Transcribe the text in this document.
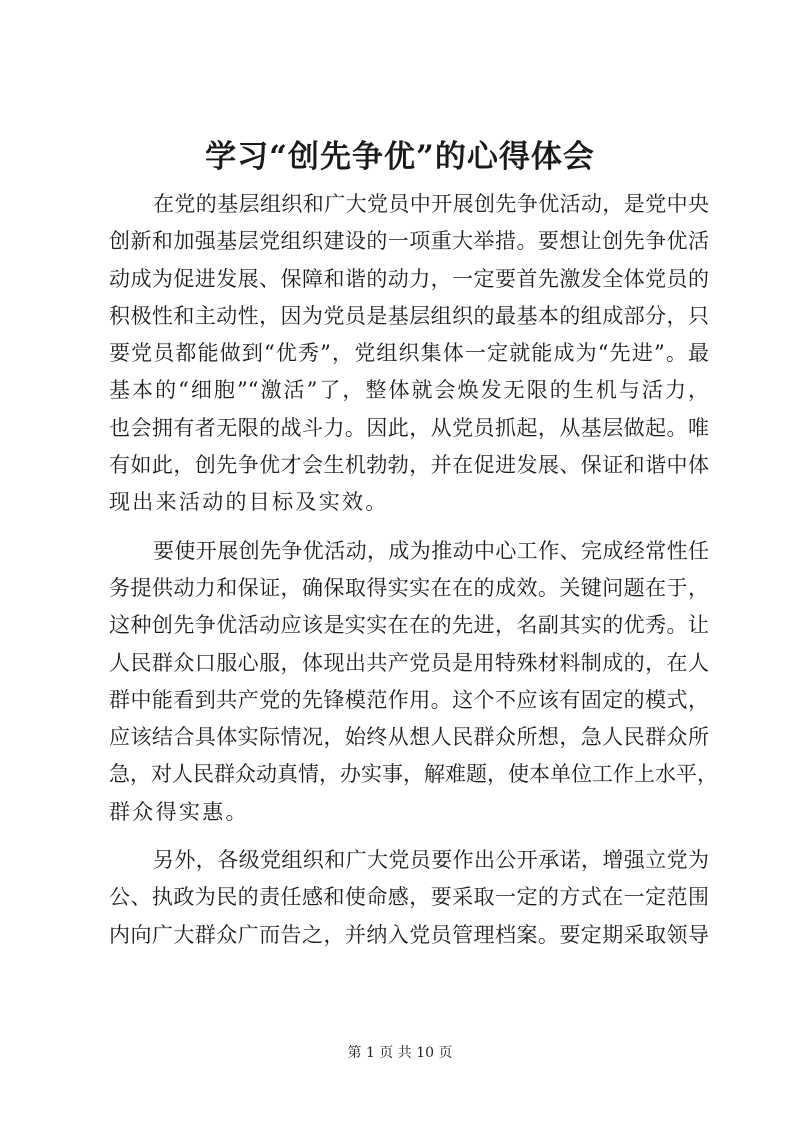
学习“创先争优”的心得体会
在党的基层组织和广大党员中开展创先争优活动，是党中央
创新和加强基层党组织建设的一项重大举措。要想让创先争优活
动成为促进发展、保障和谐的动力，一定要首先激发全体党员的
积极性和主动性，因为党员是基层组织的最基本的组成部分，只
要党员都能做到“优秀”，党组织集体一定就能成为“先进”。最
基本的“细胞”“激活”了，整体就会焕发无限的生机与活力，
也会拥有者无限的战斗力。因此，从党员抓起，从基层做起。唯
有如此，创先争优才会生机勃勃，并在促进发展、保证和谐中体
现出来活动的目标及实效。
要使开展创先争优活动，成为推动中心工作、完成经常性任
务提供动力和保证，确保取得实实在在的成效。关键问题在于，
这种创先争优活动应该是实实在在的先进，名副其实的优秀。让
人民群众口服心服，体现出共产党员是用特殊材料制成的，在人
群中能看到共产党的先锋模范作用。这个不应该有固定的模式，
应该结合具体实际情况，始终从想人民群众所想，急人民群众所
急，对人民群众动真情，办实事，解难题，使本单位工作上水平，
群众得实惠。
另外，各级党组织和广大党员要作出公开承诺，增强立党为
公、执政为民的责任感和使命感，要采取一定的方式在一定范围
内向广大群众广而告之，并纳入党员管理档案。要定期采取领导
第 1 页 共 10 页
